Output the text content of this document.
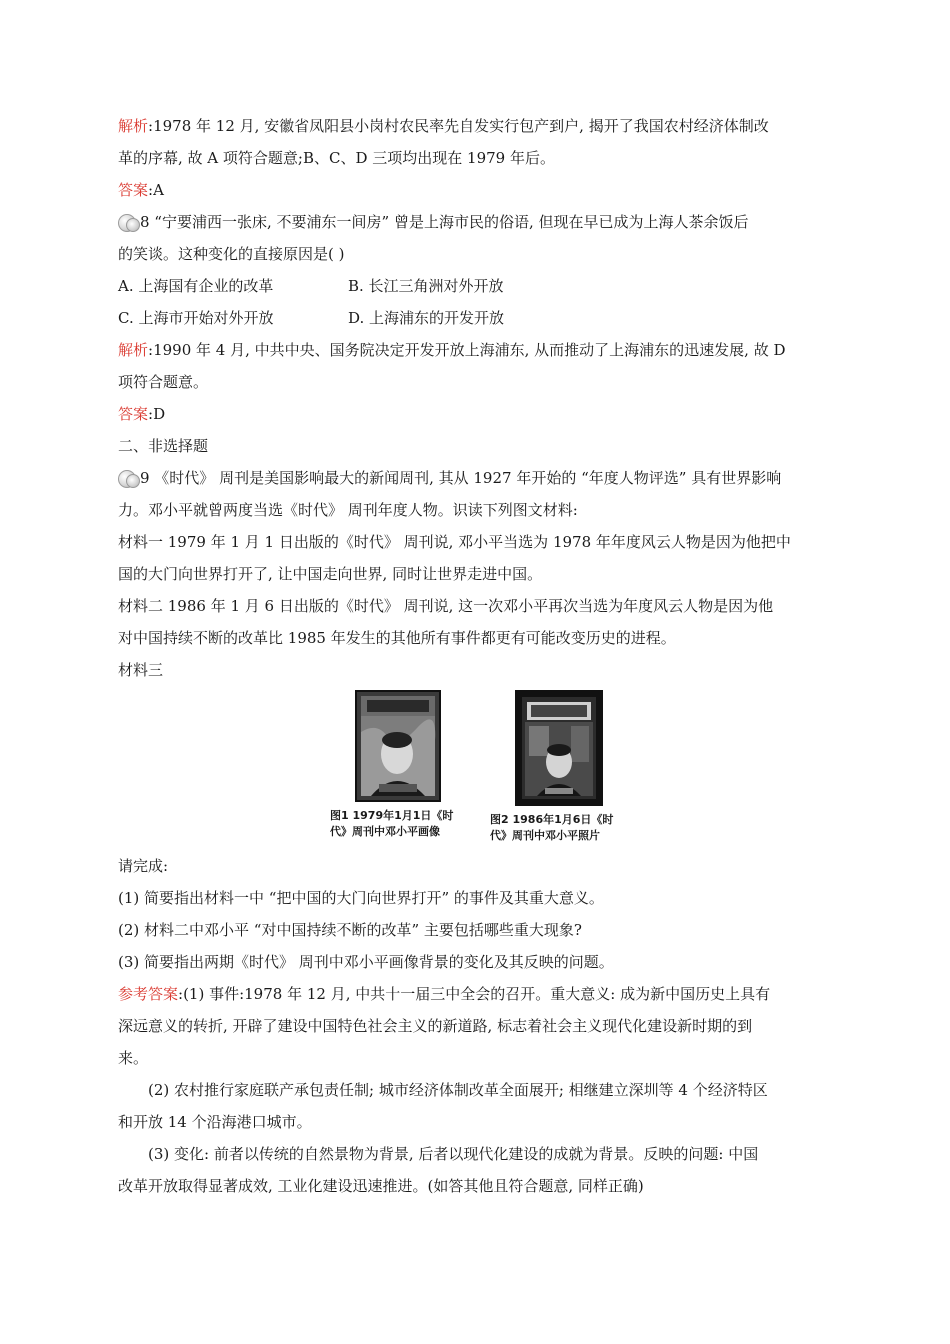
解析:1978 年 12 月, 安徽省凤阳县小岗村农民率先自发实行包产到户, 揭开了我国农村经济体制改
革的序幕, 故 A 项符合题意;B、C、D 三项均出现在 1979 年后。
答案:A
8 “宁要浦西一张床, 不要浦东一间房” 曾是上海市民的俗语, 但现在早已成为上海人茶余饭后
的笑谈。这种变化的直接原因是( )
A. 上海国有企业的改革	B. 长江三角洲对外开放
C. 上海市开始对外开放	D. 上海浦东的开发开放
解析:1990 年 4 月, 中共中央、国务院决定开发开放上海浦东, 从而推动了上海浦东的迅速发展, 故 D
项符合题意。
答案:D
二、非选择题
9 《时代》 周刊是美国影响最大的新闻周刊, 其从 1927 年开始的 “年度人物评选” 具有世界影响
力。邓小平就曾两度当选《时代》 周刊年度人物。识读下列图文材料:
材料一 1979 年 1 月 1 日出版的《时代》 周刊说, 邓小平当选为 1978 年年度风云人物是因为他把中
国的大门向世界打开了, 让中国走向世界, 同时让世界走进中国。
材料二 1986 年 1 月 6 日出版的《时代》 周刊说, 这一次邓小平再次当选为年度风云人物是因为他
对中国持续不断的改革比 1985 年发生的其他所有事件都更有可能改变历史的进程。
材料三
图1 1979年1月1日《时
代》周刊中邓小平画像
图2 1986年1月6日《时
代》周刊中邓小平照片
请完成:
(1) 简要指出材料一中 “把中国的大门向世界打开” 的事件及其重大意义。
(2) 材料二中邓小平 “对中国持续不断的改革” 主要包括哪些重大现象?
(3) 简要指出两期《时代》 周刊中邓小平画像背景的变化及其反映的问题。
参考答案:(1) 事件:1978 年 12 月, 中共十一届三中全会的召开。重大意义: 成为新中国历史上具有
深远意义的转折, 开辟了建设中国特色社会主义的新道路, 标志着社会主义现代化建设新时期的到
来。
(2) 农村推行家庭联产承包责任制; 城市经济体制改革全面展开; 相继建立深圳等 4 个经济特区
和开放 14 个沿海港口城市。
(3) 变化: 前者以传统的自然景物为背景, 后者以现代化建设的成就为背景。反映的问题: 中国
改革开放取得显著成效, 工业化建设迅速推进。(如答其他且符合题意, 同样正确)
